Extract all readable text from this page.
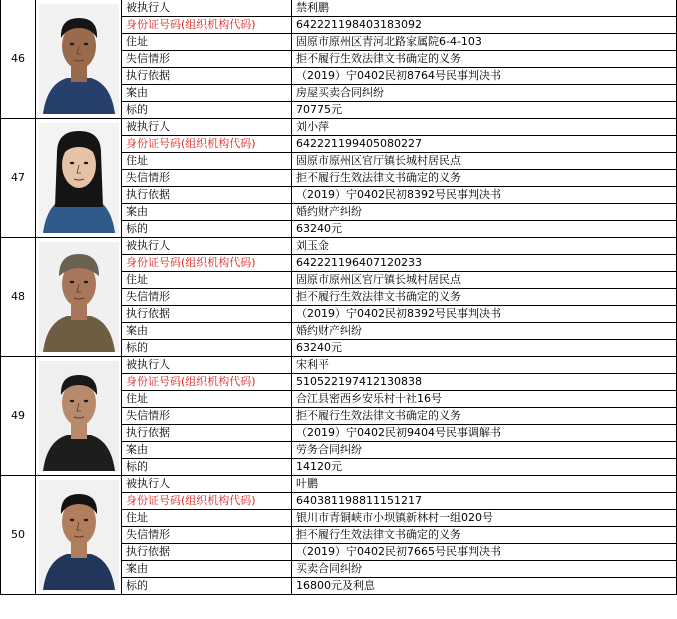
46		被执行人	禁利鹏
		身份证号码(组织机构代码)	642221198403183092
		住址	固原市原州区青河北路家属院6-4-103
		失信情形	拒不履行生效法律文书确定的义务
		执行依据	（2019）宁0402民初8764号民事判决书
		案由	房屋买卖合同纠纷
		标的	70775元
47		被执行人	刘小萍
		身份证号码(组织机构代码)	642221199405080227
		住址	固原市原州区官厅镇长城村居民点
		失信情形	拒不履行生效法律文书确定的义务
		执行依据	（2019）宁0402民初8392号民事判决书
		案由	婚约财产纠纷
		标的	63240元
48		被执行人	刘玉金
		身份证号码(组织机构代码)	642221196407120233
		住址	固原市原州区官厅镇长城村居民点
		失信情形	拒不履行生效法律文书确定的义务
		执行依据	（2019）宁0402民初8392号民事判决书
		案由	婚约财产纠纷
		标的	63240元
49		被执行人	宋利平
		身份证号码(组织机构代码)	510522197412130838
		住址	合江县密西乡安乐村十社16号
		失信情形	拒不履行生效法律文书确定的义务
		执行依据	（2019）宁0402民初9404号民事调解书
		案由	劳务合同纠纷
		标的	14120元
50		被执行人	叶鹏
		身份证号码(组织机构代码)	640381198811151217
		住址	银川市青铜峡市小坝镇新林村一组020号
		失信情形	拒不履行生效法律文书确定的义务
		执行依据	（2019）宁0402民初7665号民事判决书
		案由	买卖合同纠纷
		标的	16800元及利息
